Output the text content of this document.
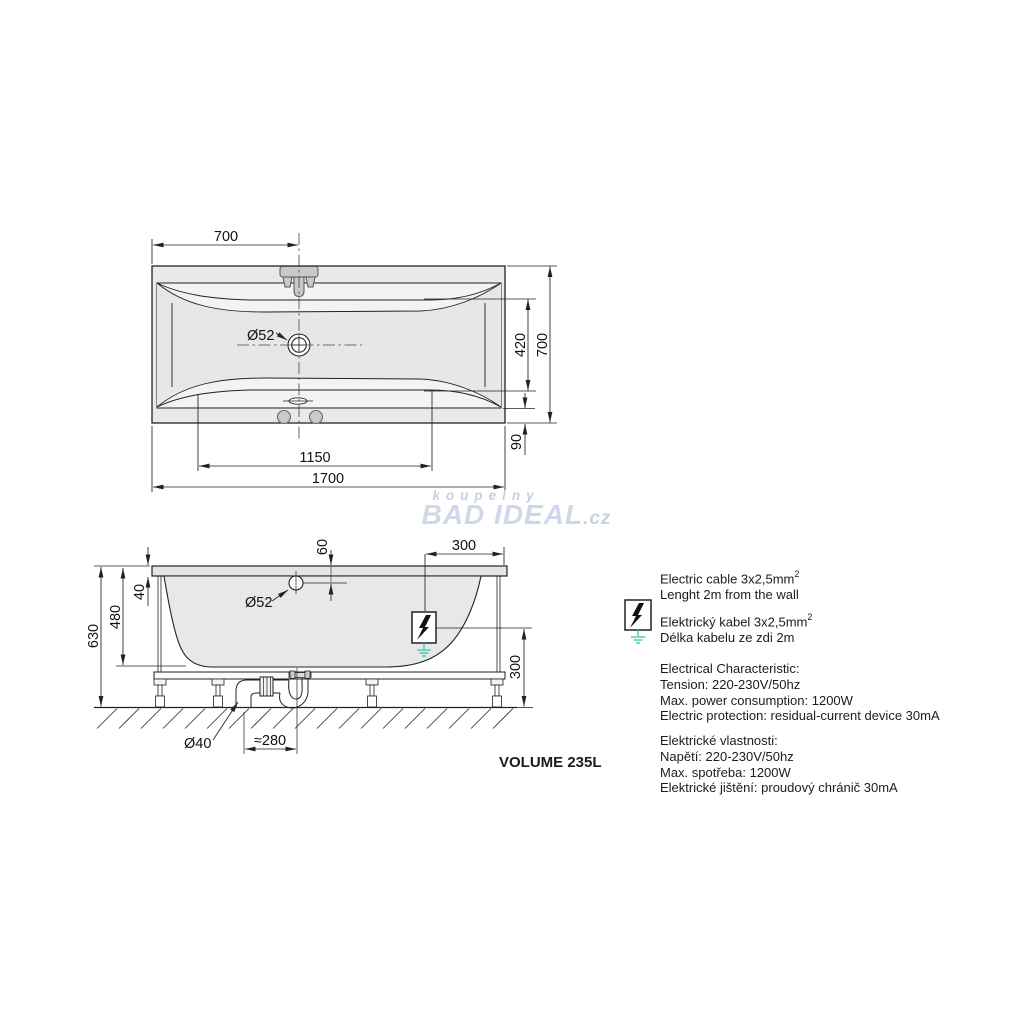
700
420 700
90
1150
1700
Ø52
630
480
40
60	300
300
Ø52
Ø40	≈280
koupelny
BAD IDEAL.cz
Electric cable $3x2,5mm^2$
Lenght 2m from the wall
Elektrický kabel $3x2,5mm^2$
Délka kabelu ze zdi 2m
Electrical Characteristic:
Tension: 220-230V/50hz
Max. power consumption: 1200W
Electric protection: residual-current device 30mA
Elektrické vlastnosti:
Napětí: 220-230V/50hz
Max. spotřeba: 1200W
Elektrické jištění: proudový chránič 30mA
VOLUME 235L
